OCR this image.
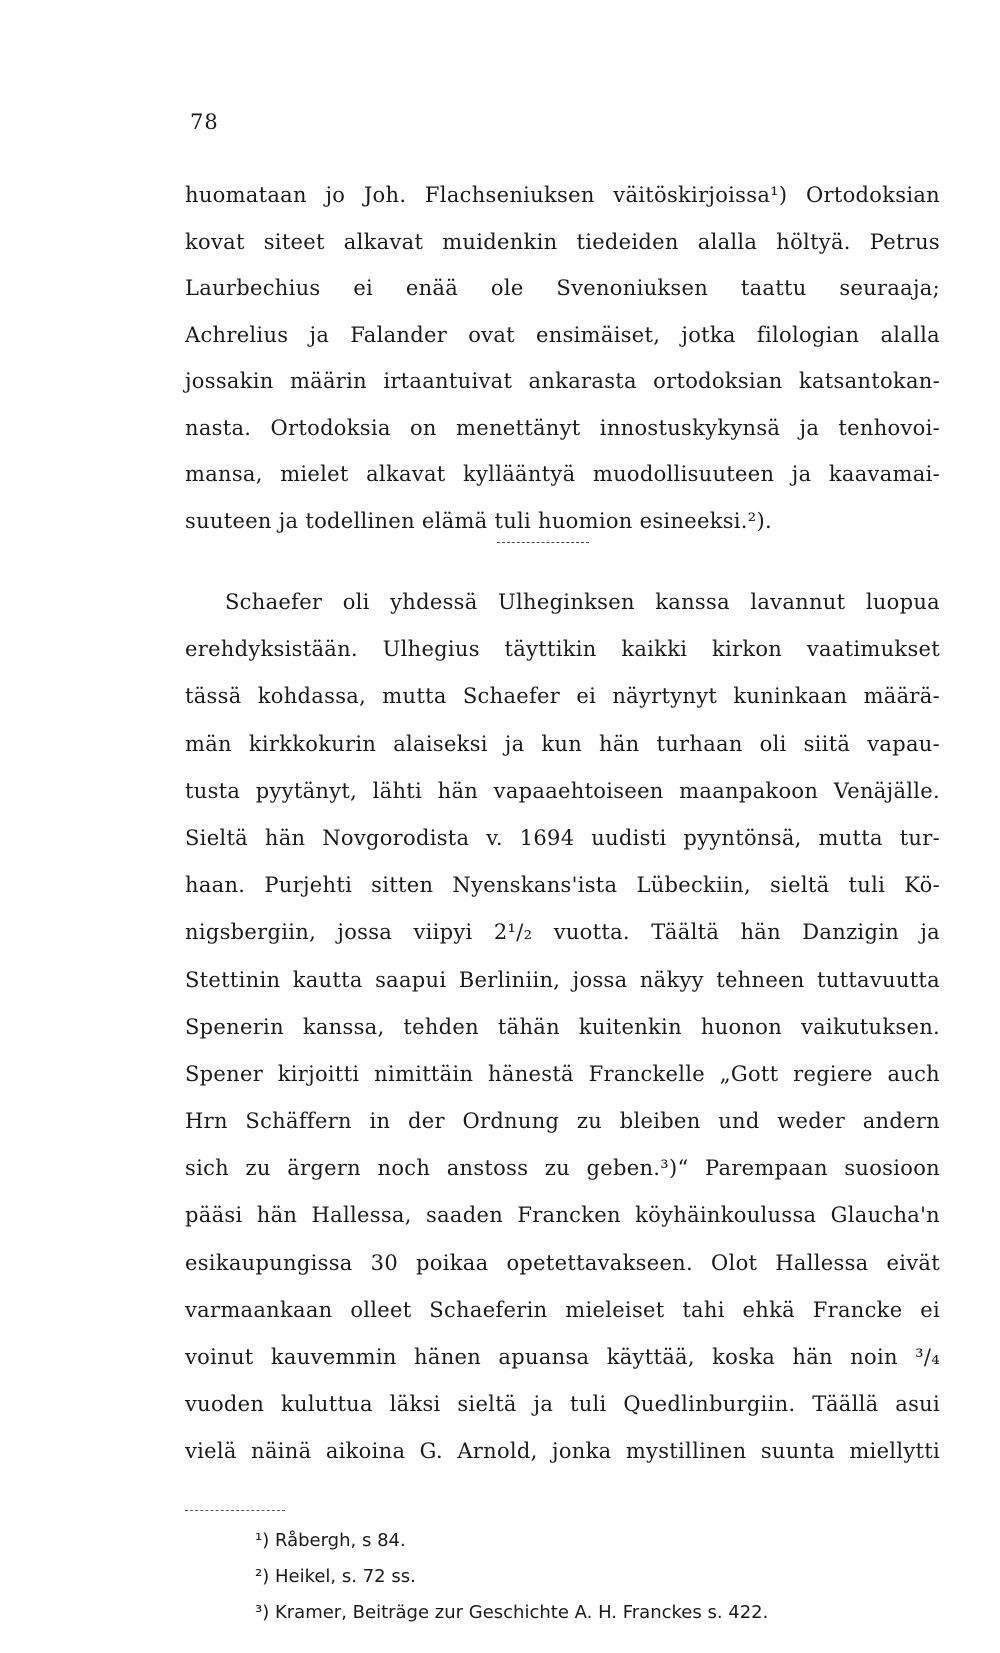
78
huomataan jo Joh. Flachseniuksen väitöskirjoissa¹) Ortodoksian
kovat siteet alkavat muidenkin tiedeiden alalla höltyä. Petrus
Laurbechius ei enää ole Svenoniuksen taattu seuraaja;
Achrelius ja Falander ovat ensimäiset, jotka filologian alalla
jossakin määrin irtaantuivat ankarasta ortodoksian katsantokan-
nasta. Ortodoksia on menettänyt innostuskykynsä ja tenhovoi-
mansa, mielet alkavat kyllääntyä muodollisuuteen ja kaavamai-
suuteen ja todellinen elämä tuli huomion esineeksi.²).
Schaefer oli yhdessä Ulheginksen kanssa lavannut luopua
erehdyksistään. Ulhegius täyttikin kaikki kirkon vaatimukset
tässä kohdassa, mutta Schaefer ei näyrtynyt kuninkaan määrä-
män kirkkokurin alaiseksi ja kun hän turhaan oli siitä vapau-
tusta pyytänyt, lähti hän vapaaehtoiseen maanpakoon Venäjälle.
Sieltä hän Novgorodista v. 1694 uudisti pyyntönsä, mutta tur-
haan. Purjehti sitten Nyenskans'ista Lübeckiin, sieltä tuli Kö-
nigsbergiin, jossa viipyi 2¹/₂ vuotta. Täältä hän Danzigin ja
Stettinin kautta saapui Berliniin, jossa näkyy tehneen tuttavuutta
Spenerin kanssa, tehden tähän kuitenkin huonon vaikutuksen.
Spener kirjoitti nimittäin hänestä Franckelle „Gott regiere auch
Hrn Schäffern in der Ordnung zu bleiben und weder andern
sich zu ärgern noch anstoss zu geben.³)“ Parempaan suosioon
pääsi hän Hallessa, saaden Francken köyhäinkoulussa Glaucha'n
esikaupungissa 30 poikaa opetettavakseen. Olot Hallessa eivät
varmaankaan olleet Schaeferin mieleiset tahi ehkä Francke ei
voinut kauvemmin hänen apuansa käyttää, koska hän noin ³/₄
vuoden kuluttua läksi sieltä ja tuli Quedlinburgiin. Täällä asui
vielä näinä aikoina G. Arnold, jonka mystillinen suunta miellytti
¹) Råbergh, s 84.
²) Heikel, s. 72 ss.
³) Kramer, Beiträge zur Geschichte A. H. Franckes s. 422.
